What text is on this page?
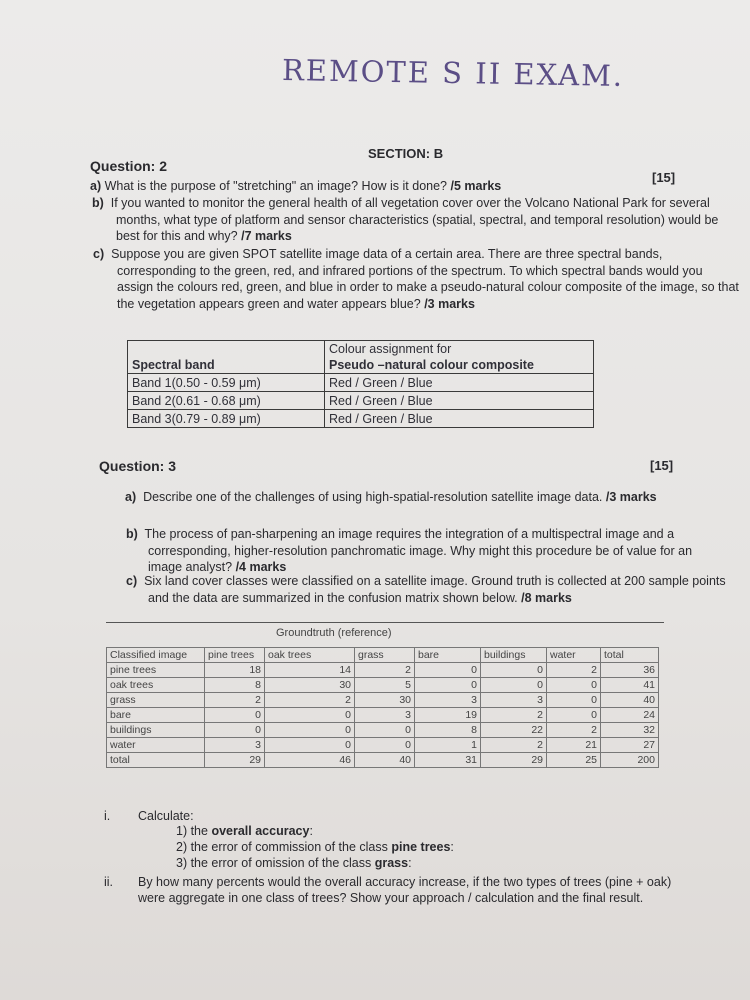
REMOTE S II EXAM.
SECTION: B
Question: 2
[15]
a) What is the purpose of "stretching" an image? How is it done? /5 marks
b) If you wanted to monitor the general health of all vegetation cover over the Volcano National Park for several months, what type of platform and sensor characteristics (spatial, spectral, and temporal resolution) would be best for this and why? /7 marks
c) Suppose you are given SPOT satellite image data of a certain area. There are three spectral bands, corresponding to the green, red, and infrared portions of the spectrum. To which spectral bands would you assign the colours red, green, and blue in order to make a pseudo-natural colour composite of the image, so that the vegetation appears green and water appears blue? /3 marks
Spectral band	Colour assignment for
Pseudo –natural colour composite

Band 1(0.50 - 0.59 μm)	Red / Green / Blue
Band 2(0.61 - 0.68 μm)	Red / Green / Blue
Band 3(0.79 - 0.89 μm)	Red / Green / Blue
Question: 3	[15]
a) Describe one of the challenges of using high-spatial-resolution satellite image data. /3 marks
b) The process of pan-sharpening an image requires the integration of a multispectral image and a corresponding, higher-resolution panchromatic image. Why might this procedure be of value for an image analyst? /4 marks
c) Six land cover classes were classified on a satellite image. Ground truth is collected at 200 sample points and the data are summarized in the confusion matrix shown below. /8 marks
Groundtruth (reference)
Classified image	pine trees	oak trees	grass	bare	buildings	water	total
pine trees	18	14	2	0	0	2	36
oak trees	8	30	5	0	0	0	41
grass	2	2	30	3	3	0	40
bare	0	0	3	19	2	0	24
buildings	0	0	0	8	22	2	32
water	3	0	0	1	2	21	27
total	29	46	40	31	29	25	200
i. Calculate:
1) the overall accuracy:
2) the error of commission of the class pine trees:
3) the error of omission of the class grass:
ii. By how many percents would the overall accuracy increase, if the two types of trees (pine + oak) were aggregate in one class of trees? Show your approach / calculation and the final result.
